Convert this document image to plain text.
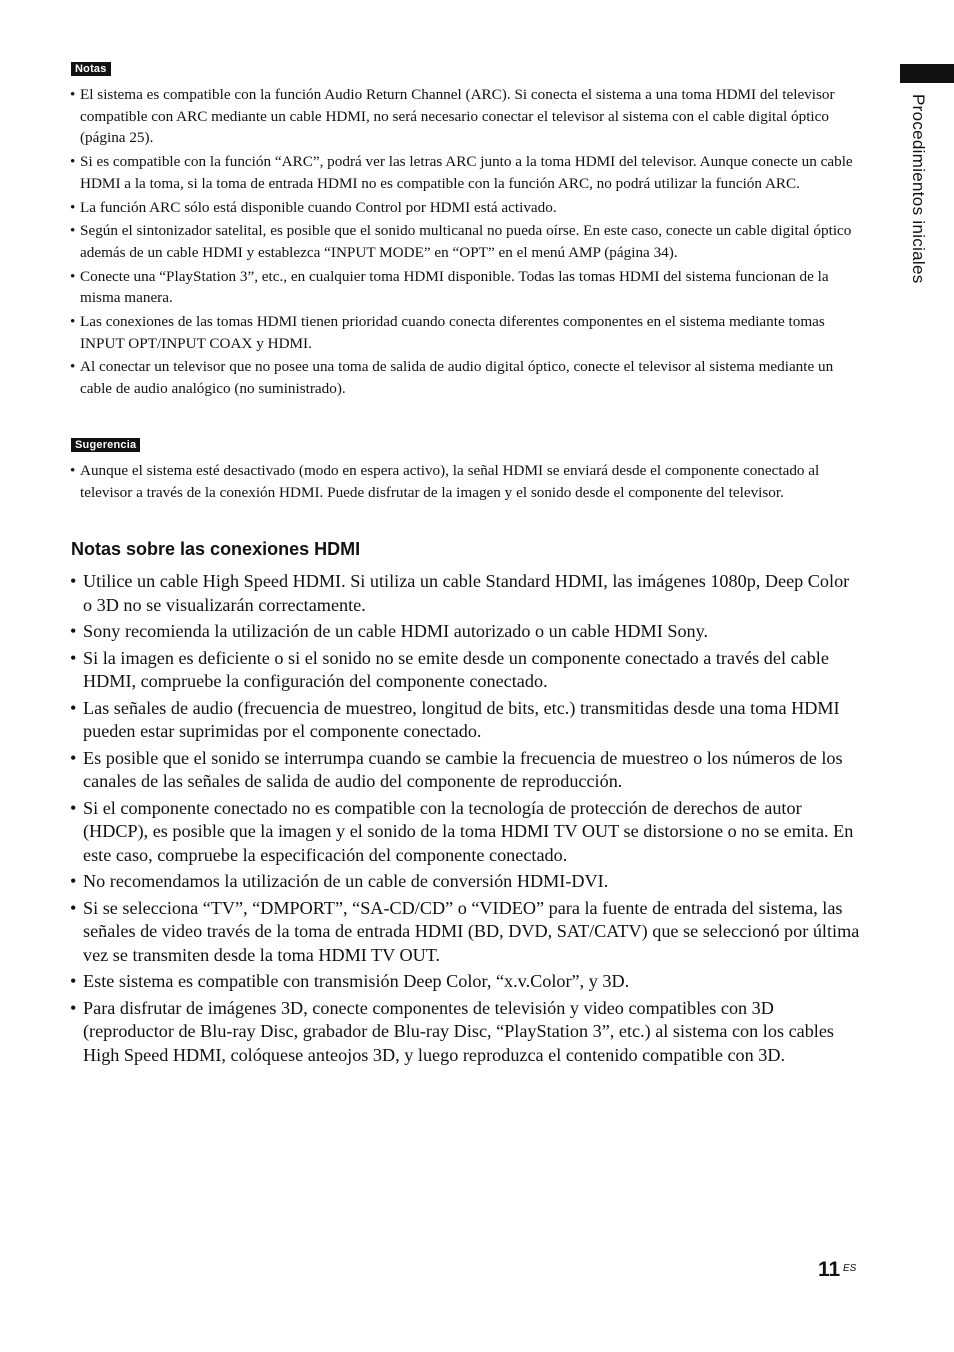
Notas
• El sistema es compatible con la función Audio Return Channel (ARC). Si conecta el sistema a una toma HDMI del televisor compatible con ARC mediante un cable HDMI, no será necesario conectar el televisor al sistema con el cable digital óptico (página 25).
• Si es compatible con la función “ARC”, podrá ver las letras ARC junto a la toma HDMI del televisor. Aunque conecte un cable HDMI a la toma, si la toma de entrada HDMI no es compatible con la función ARC, no podrá utilizar la función ARC.
• La función ARC sólo está disponible cuando Control por HDMI está activado.
• Según el sintonizador satelital, es posible que el sonido multicanal no pueda oírse. En este caso, conecte un cable digital óptico además de un cable HDMI y establezca “INPUT MODE” en “OPT” en el menú AMP (página 34).
• Conecte una “PlayStation 3”, etc., en cualquier toma HDMI disponible. Todas las tomas HDMI del sistema funcionan de la misma manera.
• Las conexiones de las tomas HDMI tienen prioridad cuando conecta diferentes componentes en el sistema mediante tomas INPUT OPT/INPUT COAX y HDMI.
• Al conectar un televisor que no posee una toma de salida de audio digital óptico, conecte el televisor al sistema mediante un cable de audio analógico (no suministrado).
Sugerencia
• Aunque el sistema esté desactivado (modo en espera activo), la señal HDMI se enviará desde el componente conectado al televisor a través de la conexión HDMI. Puede disfrutar de la imagen y el sonido desde el componente del televisor.
Notas sobre las conexiones HDMI
• Utilice un cable High Speed HDMI. Si utiliza un cable Standard HDMI, las imágenes 1080p, Deep Color o 3D no se visualizarán correctamente.
• Sony recomienda la utilización de un cable HDMI autorizado o un cable HDMI Sony.
• Si la imagen es deficiente o si el sonido no se emite desde un componente conectado a través del cable HDMI, compruebe la configuración del componente conectado.
• Las señales de audio (frecuencia de muestreo, longitud de bits, etc.) transmitidas desde una toma HDMI pueden estar suprimidas por el componente conectado.
• Es posible que el sonido se interrumpa cuando se cambie la frecuencia de muestreo o los números de los canales de las señales de salida de audio del componente de reproducción.
• Si el componente conectado no es compatible con la tecnología de protección de derechos de autor (HDCP), es posible que la imagen y el sonido de la toma HDMI TV OUT se distorsione o no se emita. En este caso, compruebe la especificación del componente conectado.
• No recomendamos la utilización de un cable de conversión HDMI-DVI.
• Si se selecciona “TV”, “DMPORT”, “SA-CD/CD” o “VIDEO” para la fuente de entrada del sistema, las señales de video través de la toma de entrada HDMI (BD, DVD, SAT/CATV) que se seleccionó por última vez se transmiten desde la toma HDMI TV OUT.
• Este sistema es compatible con transmisión Deep Color, “x.v.Color”, y 3D.
• Para disfrutar de imágenes 3D, conecte componentes de televisión y video compatibles con 3D (reproductor de Blu-ray Disc, grabador de Blu-ray Disc, “PlayStation 3”, etc.) al sistema con los cables High Speed HDMI, colóquese anteojos 3D, y luego reproduzca el contenido compatible con 3D.
Procedimientos iniciales
11 ES
